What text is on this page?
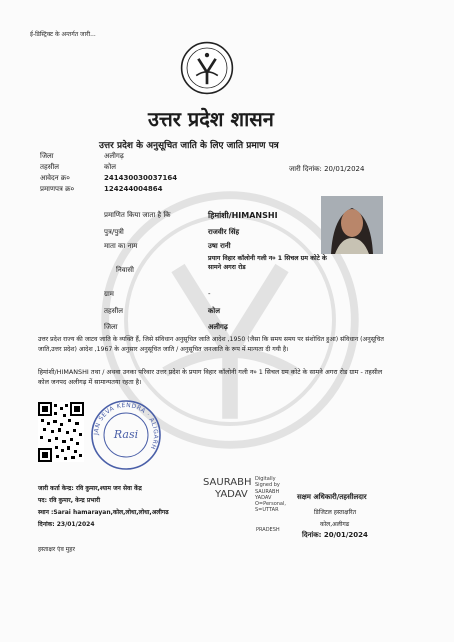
ई-डिस्ट्रिक्ट के अन्तर्गत जारी...
उत्तर प्रदेश शासन
उत्तर प्रदेश के अनुसूचित जाति के लिए जाति प्रमाण पत्र
जिला	अलीगढ़
तहसील	कोल
आवेदन क्र०	241430030037164
प्रमाणपत्र क्र०	124244004864
जारी दिनांक: 20/01/2024
प्रमाणित किया जाता है कि	हिमांशी/HIMANSHI
पुत्र/पुत्री	राजवीर सिंह
माता का नाम	उषा रानी
निवासी
प्रयाग विहार कॉलोनी गली न० 1 सिचल ग्रम कोटे के सामने अगरा रोड
ग्राम	-
तहसील	कोल
जिला	अलीगढ़
उत्तर प्रदेश राज्य की जाटव जाति के व्यक्ति हैं, जिसे संविधान अनुसूचित जाति आदेश ,1950 (जैसा कि समय समय पर संशोधित हुआ) संविधान (अनुसूचित जाति,उत्तर प्रदेश) आदेश ,1967 के अनुसार अनुसूचित जाति / अनुसूचित जनजाति के रूप में मान्यता दी गयी है।
हिमांशी/HIMANSHI तथा / अथवा उनका परिवार उत्तर प्रदेश के प्रयाग विहार कॉलोनी गली न० 1 सिचल ग्रम कोटे के सामने अगरा रोड ग्राम - तहसील कोल जनपद अलीगढ़ में सामान्यतया रहता है।
JAN SEVA KENDRA · ALIGARH
Rasi
जारी कर्ता केन्द्र: रवि कुमार,श्याम जन सेवा केंद्र
पद: रवि कुमार, केन्द्र प्रभारी
स्थान :Sarai hamarayan,कोल,लोधा,लोधा,अलीगढ
दिनांक: 23/01/2024
SAURABH
YADAV
Digitally
Signed by
SAURABH
YADAV
O=Personal,
S=UTTAR
PRADESH
सक्षम अधिकारी/तहसीलदार
डिजिटल हस्ताक्षरित
कोल,अलीगढ
दिनांक: 20/01/2024
हस्ताक्षर एंव मुहर
